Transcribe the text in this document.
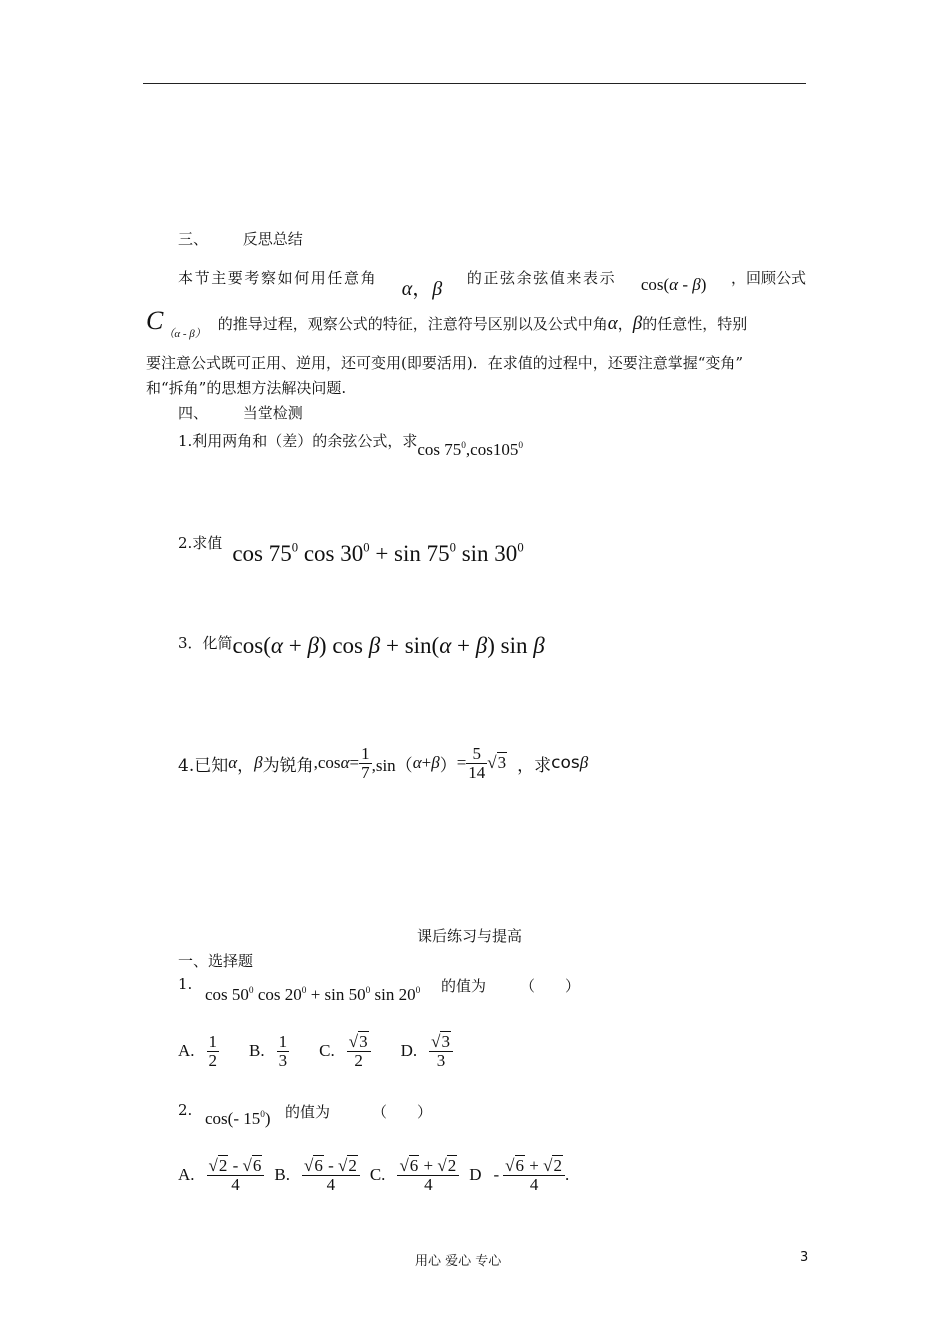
三、 反思总结
本节主要考察如何用任意角 α，β 的正弦余弦值来表示 cos(α - β) ，回顾公式
$C_{(\alpha - \beta)}$
的推导过程，观察公式的特征，注意符号区别以及公式中角 α ， β 的任意性，特别
要注意公式既可正用、逆用，还可变用(即要活用)．在求值的过程中，还要注意掌握“变角”
和“拆角”的思想方法解决问题.
四、 当堂检测
1.利用两角和（差）的余弦公式，求$\cos 75^0,\cos 105^0$
2.求值 $\cos 75^0$ $\cos 30^0 + \sin 75^0$ $\sin 30^0$
3．化简cos(α + β) cos β + sin(α + β) sin β
4.已知 α ， β 为锐角 ,cos $\alpha = \frac{1}{7} ,\sin$（ α + β ） = $\frac{5}{14} √3$ ，求 cos β
课后练习与提高
一、选择题
1.
$\cos 50^0$ $\cos 20^0 + \sin 50^0$ $\sin 20^0$ 的值为 （　　）
A. $\frac{1}{2} B$. $\frac{1}{3} C$. $\frac{√3}{2} D$. $\frac{√3}{3}$
2. cos(- $15^0$) 的值为	（　　）
A. $\frac{√2 - √6}{4} B$. $\frac{√6 - √2}{4} C$. $\frac{√6 + √2}{4}$ D - $\frac{√6 + √2}{4}$ .
用心 爱心 专心	3
